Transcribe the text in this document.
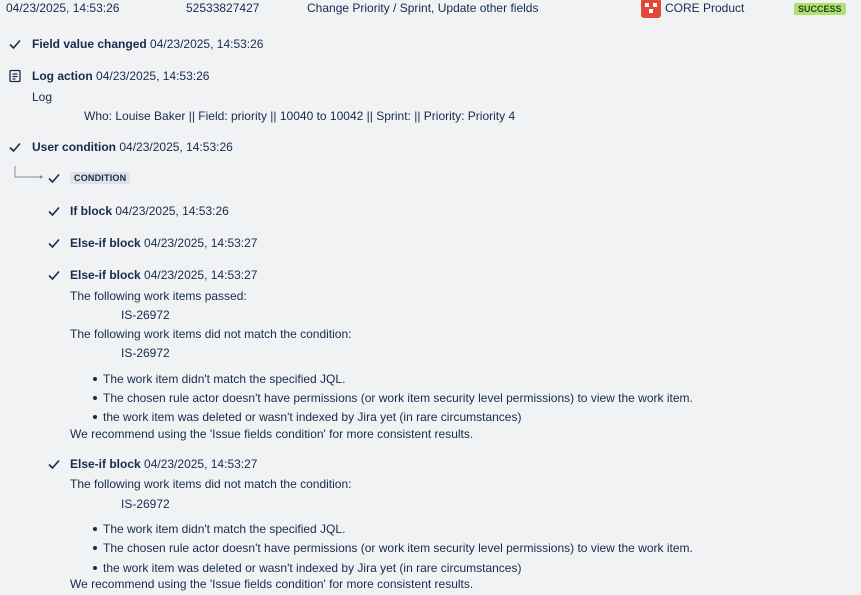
04/23/2025, 14:53:26	52533827427	Change Priority / Sprint, Update other fields	CORE Product	SUCCESS
Field value changed 04/23/2025, 14:53:26
Log action 04/23/2025, 14:53:26
Log
Who: Louise Baker || Field: priority || 10040 to 10042 || Sprint: || Priority: Priority 4
User condition 04/23/2025, 14:53:26
CONDITION
If block 04/23/2025, 14:53:26
Else-if block 04/23/2025, 14:53:27
Else-if block 04/23/2025, 14:53:27
The following work items passed:
IS-26972
The following work items did not match the condition:
IS-26972
The work item didn't match the specified JQL.
The chosen rule actor doesn't have permissions (or work item security level permissions) to view the work item.
the work item was deleted or wasn't indexed by Jira yet (in rare circumstances)
We recommend using the 'Issue fields condition' for more consistent results.
Else-if block 04/23/2025, 14:53:27
The following work items did not match the condition:
IS-26972
The work item didn't match the specified JQL.
The chosen rule actor doesn't have permissions (or work item security level permissions) to view the work item.
the work item was deleted or wasn't indexed by Jira yet (in rare circumstances)
We recommend using the 'Issue fields condition' for more consistent results.
